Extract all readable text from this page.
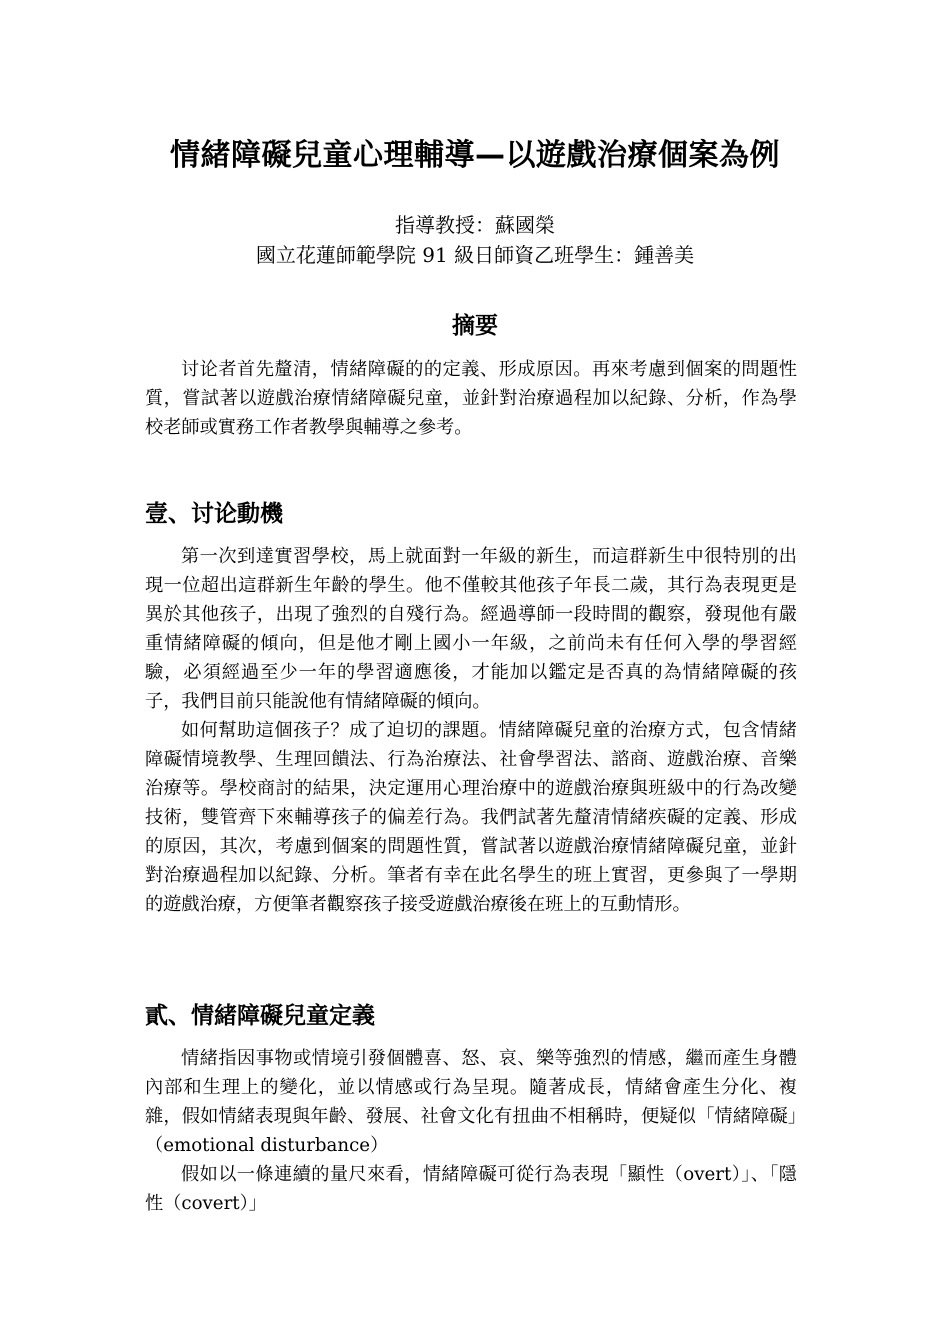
情緒障礙兒童心理輔導—以遊戲治療個案為例

指導教授：蘇國榮

國立花蓮師範學院 91 級日師資乙班學生：鍾善美

摘要

讨论者首先釐清，情緒障礙的的定義、形成原因。再來考慮到個案的問題性質，嘗試著以遊戲治療情緒障礙兒童，並針對治療過程加以紀錄、分析，作為學校老師或實務工作者教學與輔導之參考。

壹、讨论動機

第一次到達實習學校，馬上就面對一年級的新生，而這群新生中很特別的出現一位超出這群新生年齡的學生。他不僅較其他孩子年長二歲，其行為表現更是異於其他孩子，出現了強烈的自殘行為。經過導師一段時間的觀察，發現他有嚴重情緒障礙的傾向，但是他才剛上國小一年級，之前尚未有任何入學的學習經驗，必須經過至少一年的學習適應後，才能加以鑑定是否真的為情緒障礙的孩子，我們目前只能說他有情緒障礙的傾向。

如何幫助這個孩子？成了迫切的課題。情緒障礙兒童的治療方式，包含情緒障礙情境教學、生理回饋法、行為治療法、社會學習法、諮商、遊戲治療、音樂治療等。學校商討的結果，決定運用心理治療中的遊戲治療與班級中的行為改變技術，雙管齊下來輔導孩子的偏差行為。我們試著先釐清情緒疾礙的定義、形成的原因，其次，考慮到個案的問題性質，嘗試著以遊戲治療情緒障礙兒童，並針對治療過程加以紀錄、分析。筆者有幸在此名學生的班上實習，更參與了一學期的遊戲治療，方便筆者觀察孩子接受遊戲治療後在班上的互動情形。

貳、情緒障礙兒童定義

情緒指因事物或情境引發個體喜、怒、哀、樂等強烈的情感，繼而產生身體內部和生理上的變化，並以情感或行為呈現。隨著成長，情緒會產生分化、複雜，假如情緒表現與年齡、發展、社會文化有扭曲不相稱時，便疑似「情緒障礙」（emotional disturbance）

假如以一條連續的量尺來看，情緒障礙可從行為表現「顯性（overt）」、「隱性（covert）」
